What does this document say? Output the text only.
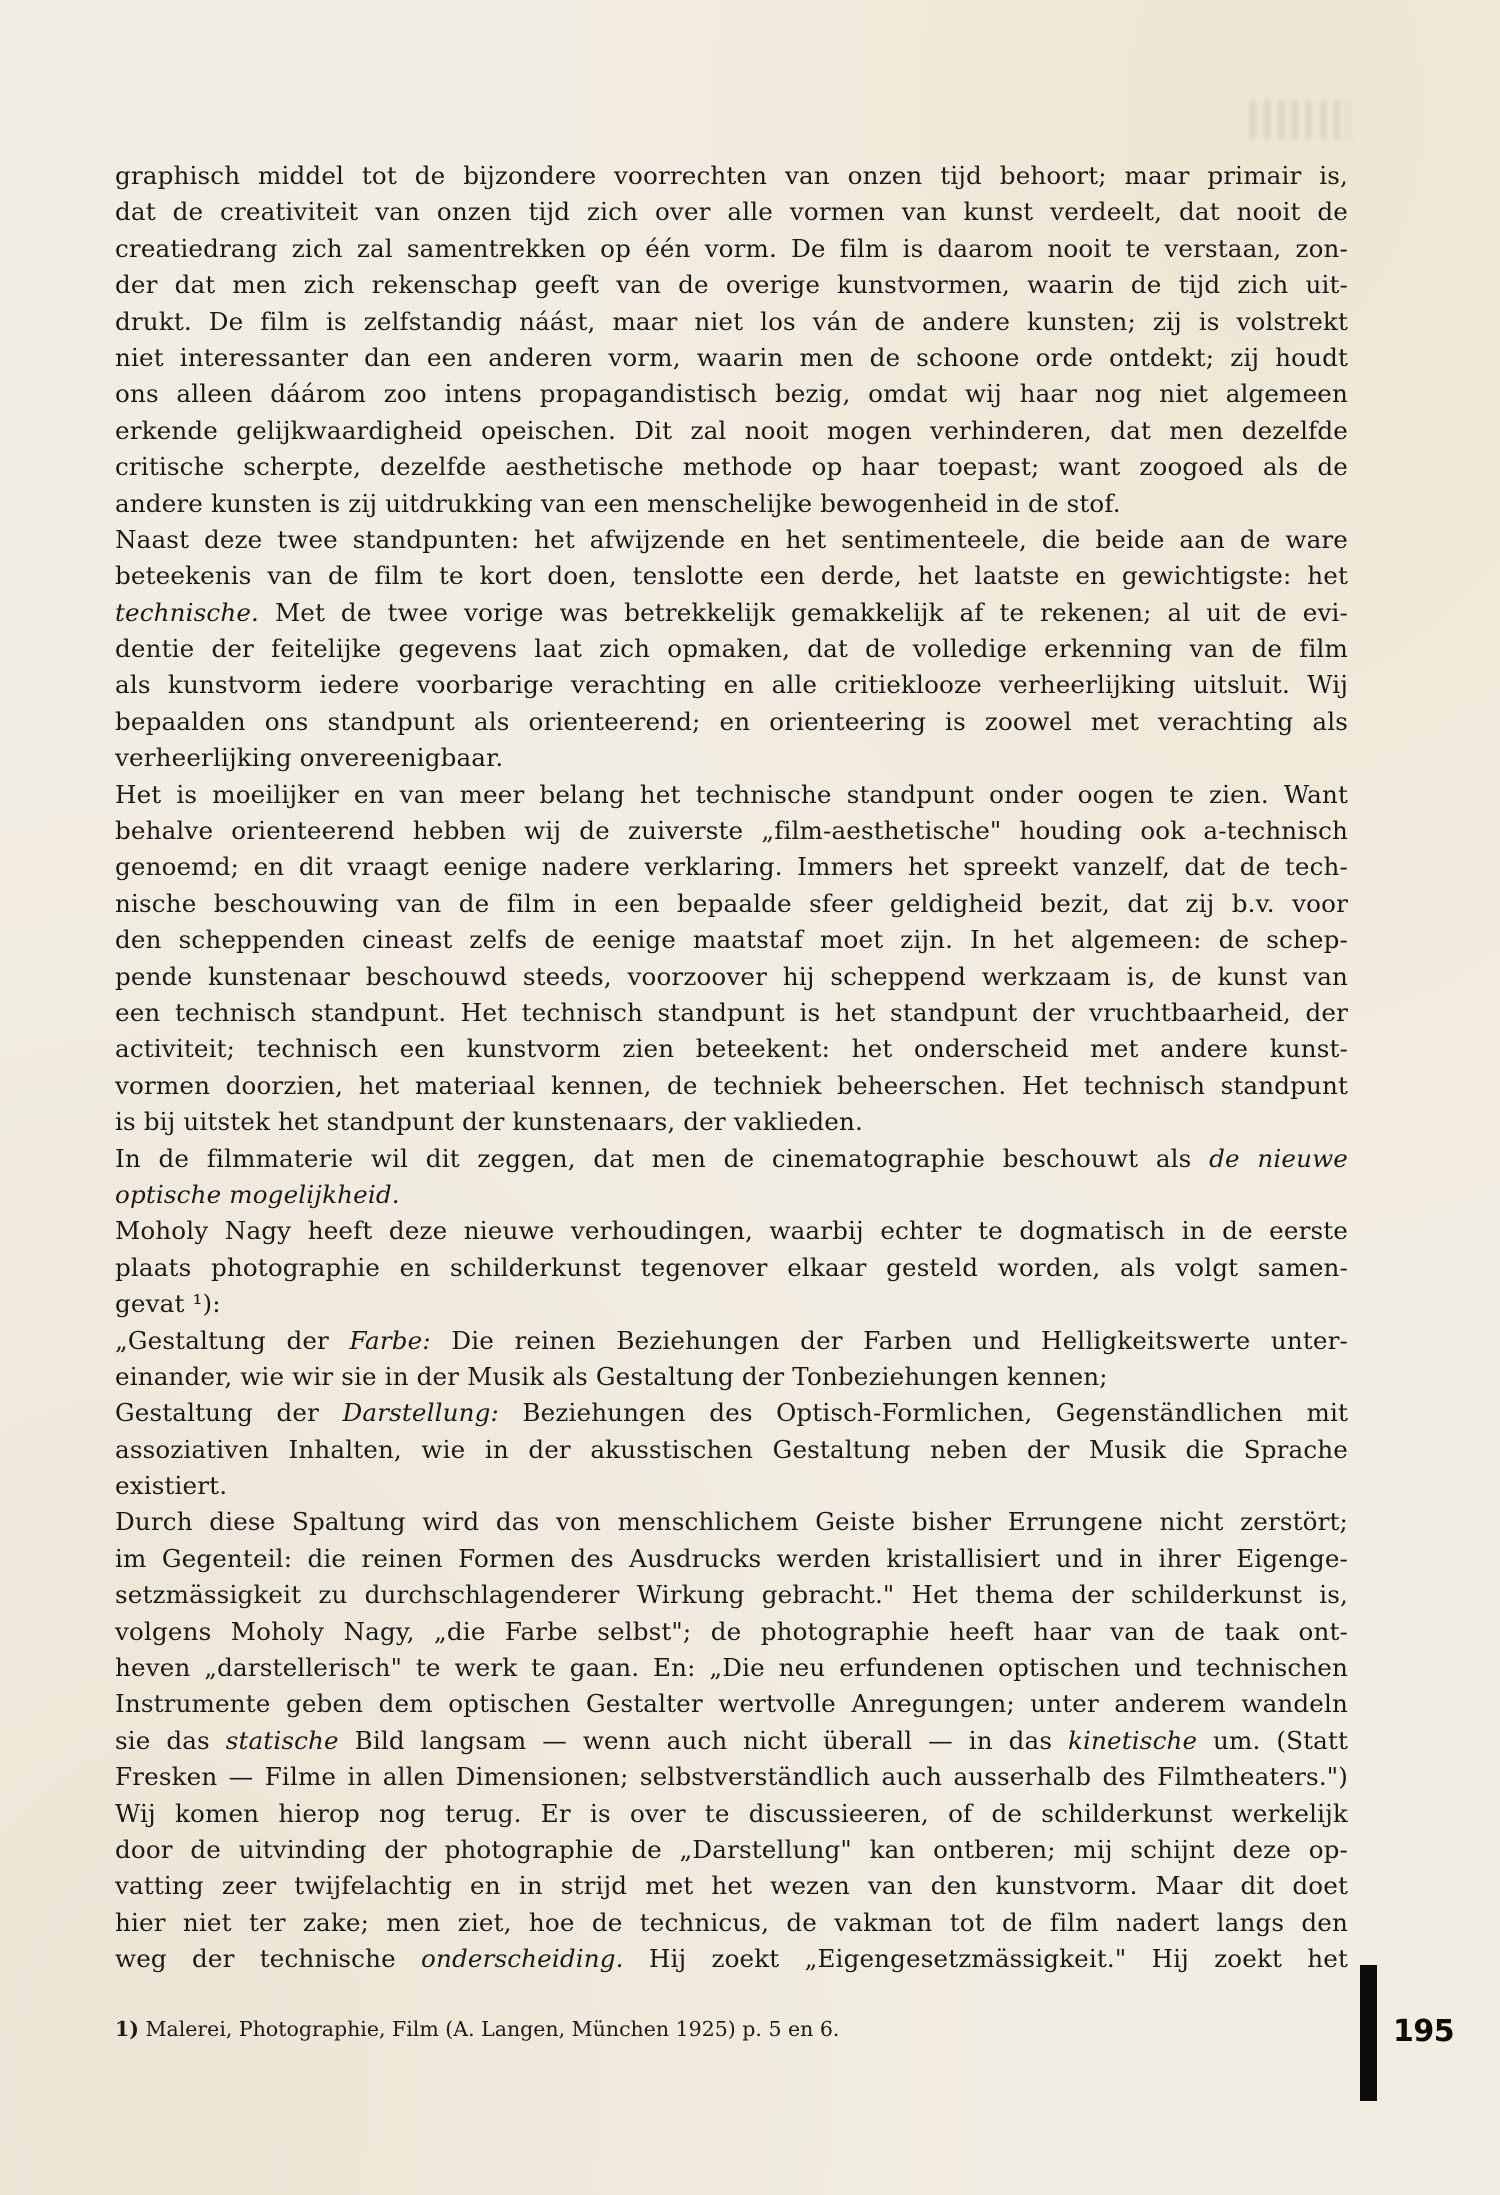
graphisch middel tot de bijzondere voorrechten van onzen tijd behoort; maar primair is,
dat de creativiteit van onzen tijd zich over alle vormen van kunst verdeelt, dat nooit de
creatiedrang zich zal samentrekken op één vorm. De film is daarom nooit te verstaan, zon-
der dat men zich rekenschap geeft van de overige kunstvormen, waarin de tijd zich uit-
drukt. De film is zelfstandig náást, maar niet los ván de andere kunsten; zij is volstrekt
niet interessanter dan een anderen vorm, waarin men de schoone orde ontdekt; zij houdt
ons alleen dáárom zoo intens propagandistisch bezig, omdat wij haar nog niet algemeen
erkende gelijkwaardigheid opeischen. Dit zal nooit mogen verhinderen, dat men dezelfde
critische scherpte, dezelfde aesthetische methode op haar toepast; want zoogoed als de
andere kunsten is zij uitdrukking van een menschelijke bewogenheid in de stof.
Naast deze twee standpunten: het afwijzende en het sentimenteele, die beide aan de ware
beteekenis van de film te kort doen, tenslotte een derde, het laatste en gewichtigste: het
technische. Met de twee vorige was betrekkelijk gemakkelijk af te rekenen; al uit de evi-
dentie der feitelijke gegevens laat zich opmaken, dat de volledige erkenning van de film
als kunstvorm iedere voorbarige verachting en alle critieklooze verheerlijking uitsluit. Wij
bepaalden ons standpunt als orienteerend; en orienteering is zoowel met verachting als
verheerlijking onvereenigbaar.
Het is moeilijker en van meer belang het technische standpunt onder oogen te zien. Want
behalve orienteerend hebben wij de zuiverste „film-aesthetische" houding ook a-technisch
genoemd; en dit vraagt eenige nadere verklaring. Immers het spreekt vanzelf, dat de tech-
nische beschouwing van de film in een bepaalde sfeer geldigheid bezit, dat zij b.v. voor
den scheppenden cineast zelfs de eenige maatstaf moet zijn. In het algemeen: de schep-
pende kunstenaar beschouwd steeds, voorzoover hij scheppend werkzaam is, de kunst van
een technisch standpunt. Het technisch standpunt is het standpunt der vruchtbaarheid, der
activiteit; technisch een kunstvorm zien beteekent: het onderscheid met andere kunst-
vormen doorzien, het materiaal kennen, de techniek beheerschen. Het technisch standpunt
is bij uitstek het standpunt der kunstenaars, der vaklieden.
In de filmmaterie wil dit zeggen, dat men de cinematographie beschouwt als de nieuwe
optische mogelijkheid.
Moholy Nagy heeft deze nieuwe verhoudingen, waarbij echter te dogmatisch in de eerste
plaats photographie en schilderkunst tegenover elkaar gesteld worden, als volgt samen-
gevat ¹):
„Gestaltung der Farbe: Die reinen Beziehungen der Farben und Helligkeitswerte unter-
einander, wie wir sie in der Musik als Gestaltung der Tonbeziehungen kennen;
Gestaltung der Darstellung: Beziehungen des Optisch-Formlichen, Gegenständlichen mit
assoziativen Inhalten, wie in der akusstischen Gestaltung neben der Musik die Sprache
existiert.
Durch diese Spaltung wird das von menschlichem Geiste bisher Errungene nicht zerstört;
im Gegenteil: die reinen Formen des Ausdrucks werden kristallisiert und in ihrer Eigenge-
setzmässigkeit zu durchschlagenderer Wirkung gebracht." Het thema der schilderkunst is,
volgens Moholy Nagy, „die Farbe selbst"; de photographie heeft haar van de taak ont-
heven „darstellerisch" te werk te gaan. En: „Die neu erfundenen optischen und technischen
Instrumente geben dem optischen Gestalter wertvolle Anregungen; unter anderem wandeln
sie das statische Bild langsam — wenn auch nicht überall — in das kinetische um. (Statt
Fresken — Filme in allen Dimensionen; selbstverständlich auch ausserhalb des Filmtheaters.")
Wij komen hierop nog terug. Er is over te discussieeren, of de schilderkunst werkelijk
door de uitvinding der photographie de „Darstellung" kan ontberen; mij schijnt deze op-
vatting zeer twijfelachtig en in strijd met het wezen van den kunstvorm. Maar dit doet
hier niet ter zake; men ziet, hoe de technicus, de vakman tot de film nadert langs den
weg der technische onderscheiding. Hij zoekt „Eigengesetzmässigkeit." Hij zoekt het
1) Malerei, Photographie, Film (A. Langen, München 1925) p. 5 en 6.	195
